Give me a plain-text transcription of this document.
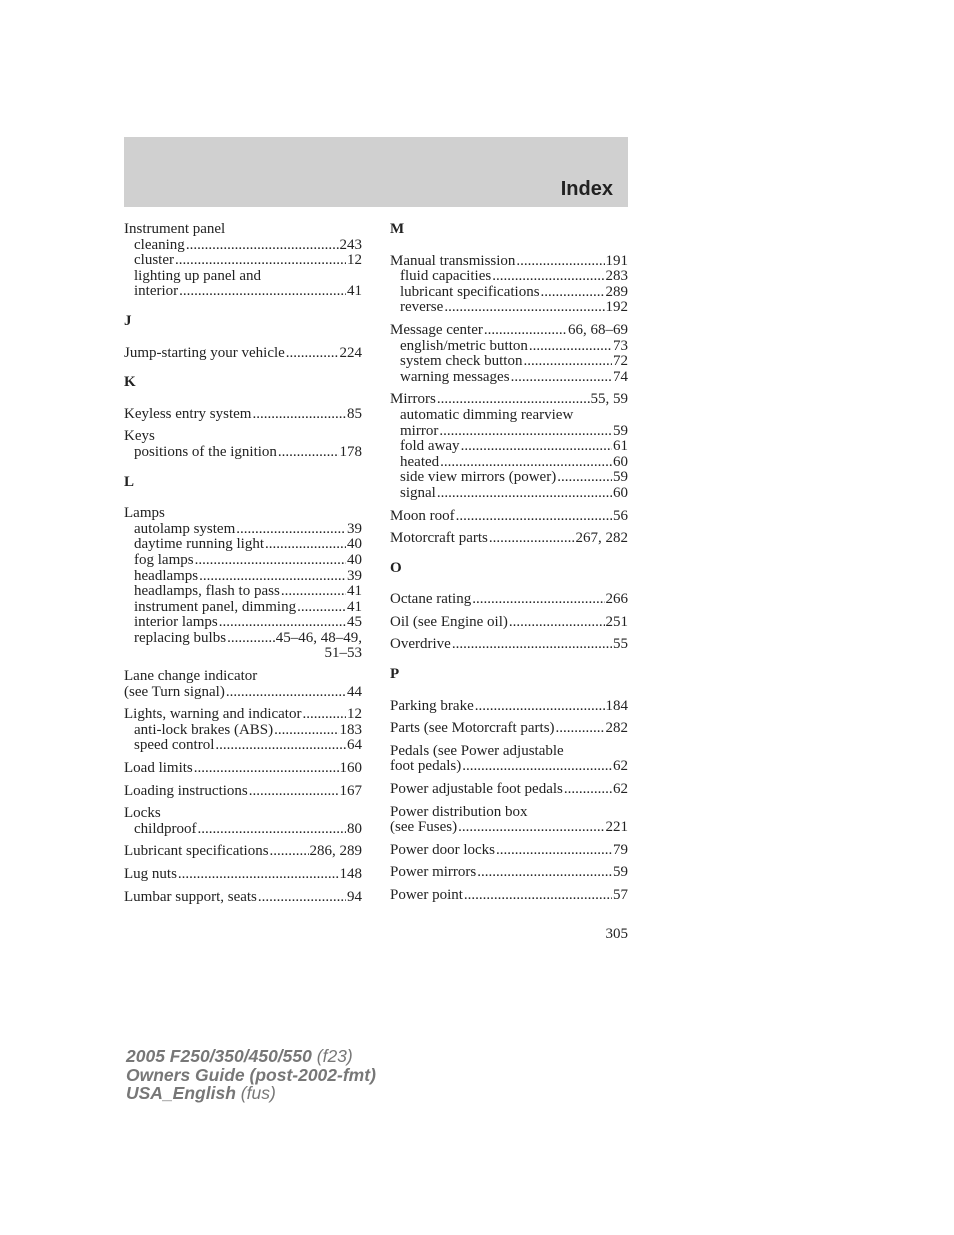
Index
Instrument panel
cleaning .....	243
cluster .....	12
lighting up panel and
interior .....	41
J
Jump-starting your vehicle .....	224
K
Keyless entry system .....	85
Keys
positions of the ignition .....	178
L
Lamps
autolamp system .....	39
daytime running light .....	40
fog lamps .....	40
headlamps .....	39
headlamps, flash to pass .....	41
instrument panel, dimming .....	41
interior lamps .....	45
replacing bulbs .....	45–46, 48–49,
51–53
Lane change indicator
(see Turn signal) .....	44
Lights, warning and indicator .....	12
anti-lock brakes (ABS) .....	183
speed control .....	64
Load limits .....	160
Loading instructions .....	167
Locks
childproof .....	80
Lubricant specifications .....	286, 289
Lug nuts .....	148
Lumbar support, seats .....	94
M
Manual transmission .....	191
fluid capacities .....	283
lubricant specifications .....	289
reverse .....	192
Message center .....	66, 68–69
english/metric button .....	73
system check button .....	72
warning messages .....	74
Mirrors .....	55, 59
automatic dimming rearview
mirror .....	59
fold away .....	61
heated .....	60
side view mirrors (power) .....	59
signal .....	60
Moon roof .....	56
Motorcraft parts .....	267, 282
O
Octane rating .....	266
Oil (see Engine oil) .....	251
Overdrive .....	55
P
Parking brake .....	184
Parts (see Motorcraft parts) .....	282
Pedals (see Power adjustable
foot pedals) .....	62
Power adjustable foot pedals .....	62
Power distribution box
(see Fuses) .....	221
Power door locks .....	79
Power mirrors .....	59
Power point .....	57
305
2005 F250/350/450/550 (f23)
Owners Guide (post-2002-fmt)
USA_English (fus)
